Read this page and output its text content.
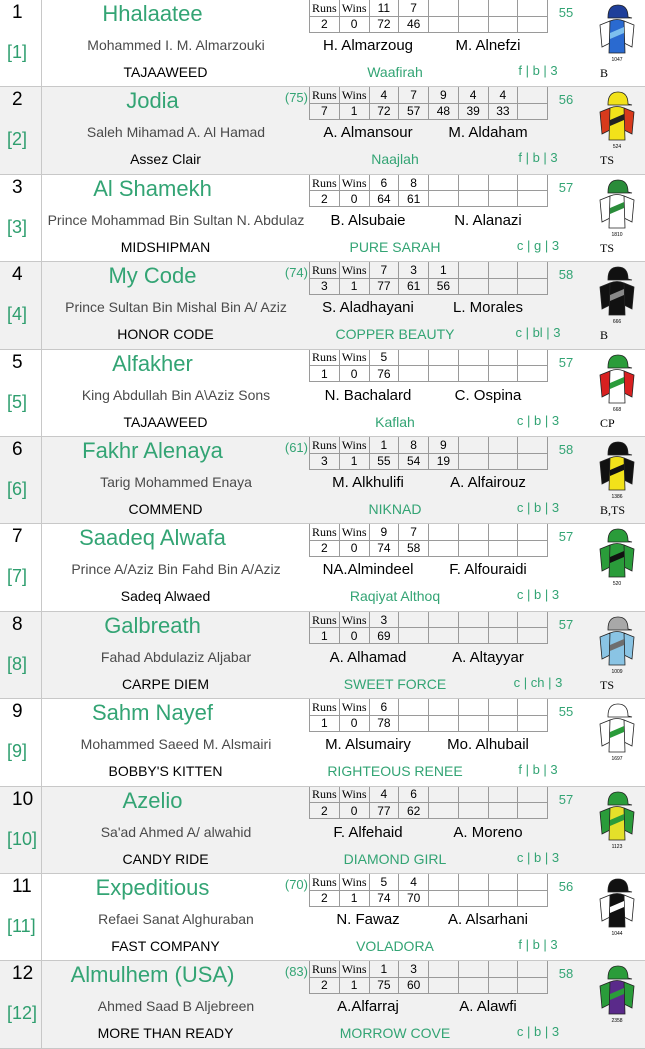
1
[1]
Hhalaatee
Mohammed I. M. Almarzouki	H. Almarzoug	M. Alnefzi
TAJAAWEED	Waafirah	f | b | 3
55
Runs	Wins	11	7				
2	0	72	46				
1047
B
2
[2]
Jodia	(75)
Saleh Mihamad A. Al Hamad	A. Almansour	M. Aldaham
Assez Clair	Naajlah	f | b | 3
56
Runs	Wins	4	7	9	4	4	
7	1	72	57	48	39	33	
524
TS
3
[3]
Al Shamekh
Prince Mohammad Bin Sultan N. Abdulaz	B. Alsubaie	N. Alanazi
MIDSHIPMAN	PURE SARAH	c | g | 3
57
Runs	Wins	6	8				
2	0	64	61				
1810
TS
4
[4]
My Code	(74)
Prince Sultan Bin Mishal Bin A/ Aziz	S. Aladhayani	L. Morales
HONOR CODE	COPPER BEAUTY	c | bl | 3
58
Runs	Wins	7	3	1			
3	1	77	61	56			
666
B
5
[5]
Alfakher
King Abdullah Bin A\Aziz Sons	N. Bachalard	C. Ospina
TAJAAWEED	Kaflah	c | b | 3
57
Runs	Wins	5					
1	0	76					
668
CP
6
[6]
Fakhr Alenaya	(61)
Tarig Mohammed Enaya	M. Alkhulifi	A. Alfairouz
COMMEND	NIKNAD	c | b | 3
58
Runs	Wins	1	8	9			
3	1	55	54	19			
1386
B,TS
7
[7]
Saadeq Alwafa
Prince A/Aziz Bin Fahd Bin A/Aziz	NA.Almindeel	F. Alfouraidi
Sadeq Alwaed	Raqiyat Althoq	c | b | 3
57
Runs	Wins	9	7				
2	0	74	58				
520
8
[8]
Galbreath
Fahad Abdulaziz Aljabar	A. Alhamad	A. Altayyar
CARPE DIEM	SWEET FORCE	c | ch | 3
57
Runs	Wins	3					
1	0	69					
1009
TS
9
[9]
Sahm Nayef
Mohammed Saeed M. Alsmairi	M. Alsumairy	Mo. Alhubail
BOBBY'S KITTEN	RIGHTEOUS RENEE	f | b | 3
55
Runs	Wins	6					
1	0	78					
1697
10
[10]
Azelio
Sa'ad Ahmed A/ alwahid	F. Alfehaid	A. Moreno
CANDY RIDE	DIAMOND GIRL	c | b | 3
57
Runs	Wins	4	6				
2	0	77	62				
1123
11
[11]
Expeditious	(70)
Refaei Sanat Alghuraban	N. Fawaz	A. Alsarhani
FAST COMPANY	VOLADORA	f | b | 3
56
Runs	Wins	5	4				
2	1	74	70				
1044
12
[12]
Almulhem (USA)	(83)
Ahmed Saad B Aljebreen	A.Alfarraj	A. Alawfi
MORE THAN READY	MORROW COVE	c | b | 3
58
Runs	Wins	1	3				
2	1	75	60				
2358
